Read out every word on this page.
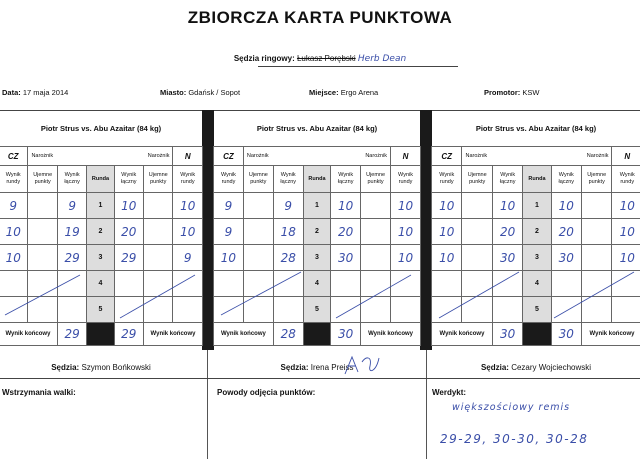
ZBIORCZA KARTA PUNKTOWA
Sędzia ringowy: Łukasz Porębski Herb Dean
Data: 17 maja 2014	Miasto: Gdańsk / Sopot	Miejsce: Ergo Arena	Promotor: KSW
Piotr Strus vs. Abu Azaitar (84 kg)	Piotr Strus vs. Abu Azaitar (84 kg)	Piotr Strus vs. Abu Azaitar (84 kg)
CZ	Narożnik				Narożnik	N
Wynik rundy	Ujemne punkty	Wynik łączny	Runda	Wynik łączny	Ujemne punkty	Wynik rundy
9		9	1	10		10
10		19	2	20		10
10		29	3	29		9
			4			
			5			
Wynik końcowy		29		29	Wynik końcowy	
CZ	Narożnik				Narożnik	N
Wynik rundy	Ujemne punkty	Wynik łączny	Runda	Wynik łączny	Ujemne punkty	Wynik rundy
9		9	1	10		10
9		18	2	20		10
10		28	3	30		10
			4			
			5			
Wynik końcowy		28		30	Wynik końcowy	
CZ	Narożnik				Narożnik	N
Wynik rundy	Ujemne punkty	Wynik łączny	Runda	Wynik łączny	Ujemne punkty	Wynik rundy
10		10	1	10		10
10		20	2	20		10
10		30	3	30		10
			4			
			5			
Wynik końcowy		30		30	Wynik końcowy	
Sędzia: Szymon Bońkowski	Sędzia: Irena Preiss	Sędzia: Cezary Wojciechowski
Wstrzymania walki:	Powody odjęcia punktów:	Werdykt:
większościowy remis
29-29, 30-30, 30-28
